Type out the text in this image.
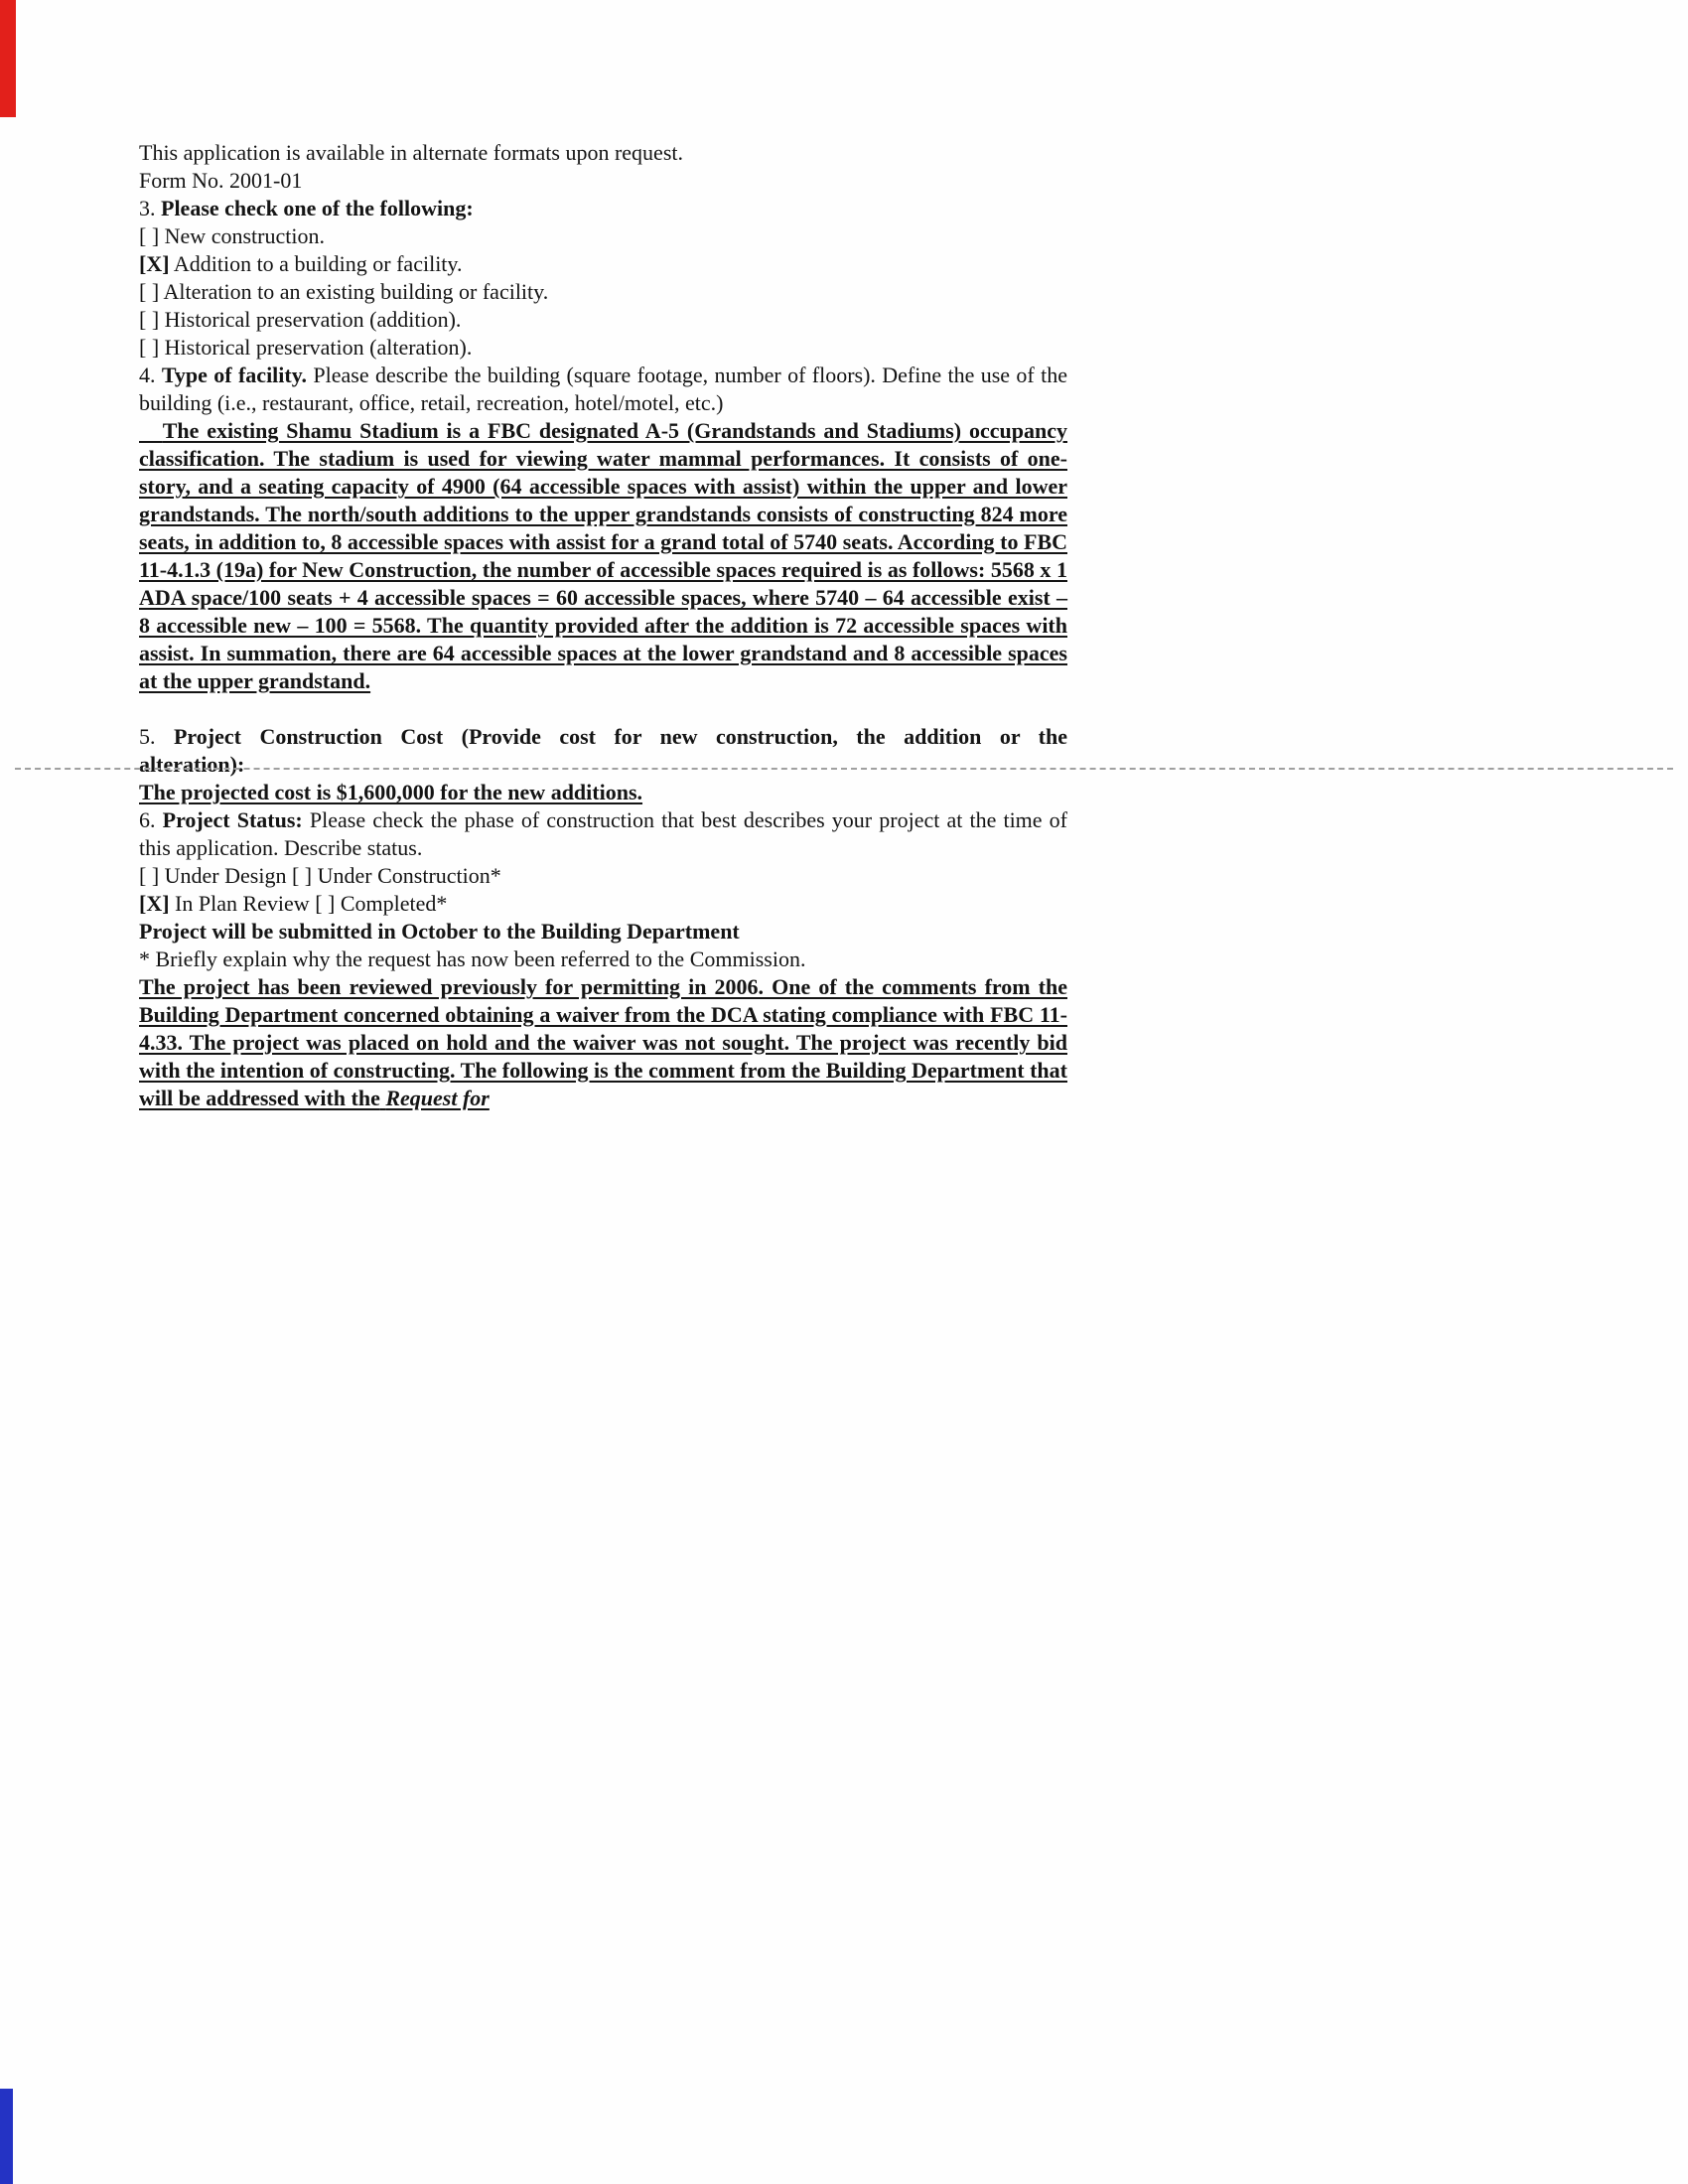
This application is available in alternate formats upon request.

Form No. 2001-01

3. Please check one of the following:

[ ] New construction.

[X] Addition to a building or facility.

[ ] Alteration to an existing building or facility.

[ ] Historical preservation (addition).

[ ] Historical preservation (alteration).

4. Type of facility. Please describe the building (square footage, number of floors). Define the use of the building (i.e., restaurant, office, retail, recreation, hotel/motel, etc.)

The existing Shamu Stadium is a FBC designated A-5 (Grandstands and Stadiums) occupancy classification. The stadium is used for viewing water mammal performances. It consists of one-story, and a seating capacity of 4900 (64 accessible spaces with assist) within the upper and lower grandstands. The north/south additions to the upper grandstands consists of constructing 824 more seats, in addition to, 8 accessible spaces with assist for a grand total of 5740 seats. According to FBC 11-4.1.3 (19a) for New Construction, the number of accessible spaces required is as follows: 5568 x 1 ADA space/100 seats + 4 accessible spaces = 60 accessible spaces, where 5740 – 64 accessible exist – 8 accessible new – 100 = 5568. The quantity provided after the addition is 72 accessible spaces with assist. In summation, there are 64 accessible spaces at the lower grandstand and 8 accessible spaces at the upper grandstand.

5. Project Construction Cost (Provide cost for new construction, the addition or the

alteration):

The projected cost is $1,600,000 for the new additions.

6. Project Status: Please check the phase of construction that best describes your project at the time of this application. Describe status.

[ ] Under Design [ ] Under Construction*

[X] In Plan Review [ ] Completed*

Project will be submitted in October to the Building Department

* Briefly explain why the request has now been referred to the Commission.

The project has been reviewed previously for permitting in 2006. One of the comments from the Building Department concerned obtaining a waiver from the DCA stating compliance with FBC 11-4.33. The project was placed on hold and the waiver was not sought. The project was recently bid with the intention of constructing. The following is the comment from the Building Department that will be addressed with the Request for
